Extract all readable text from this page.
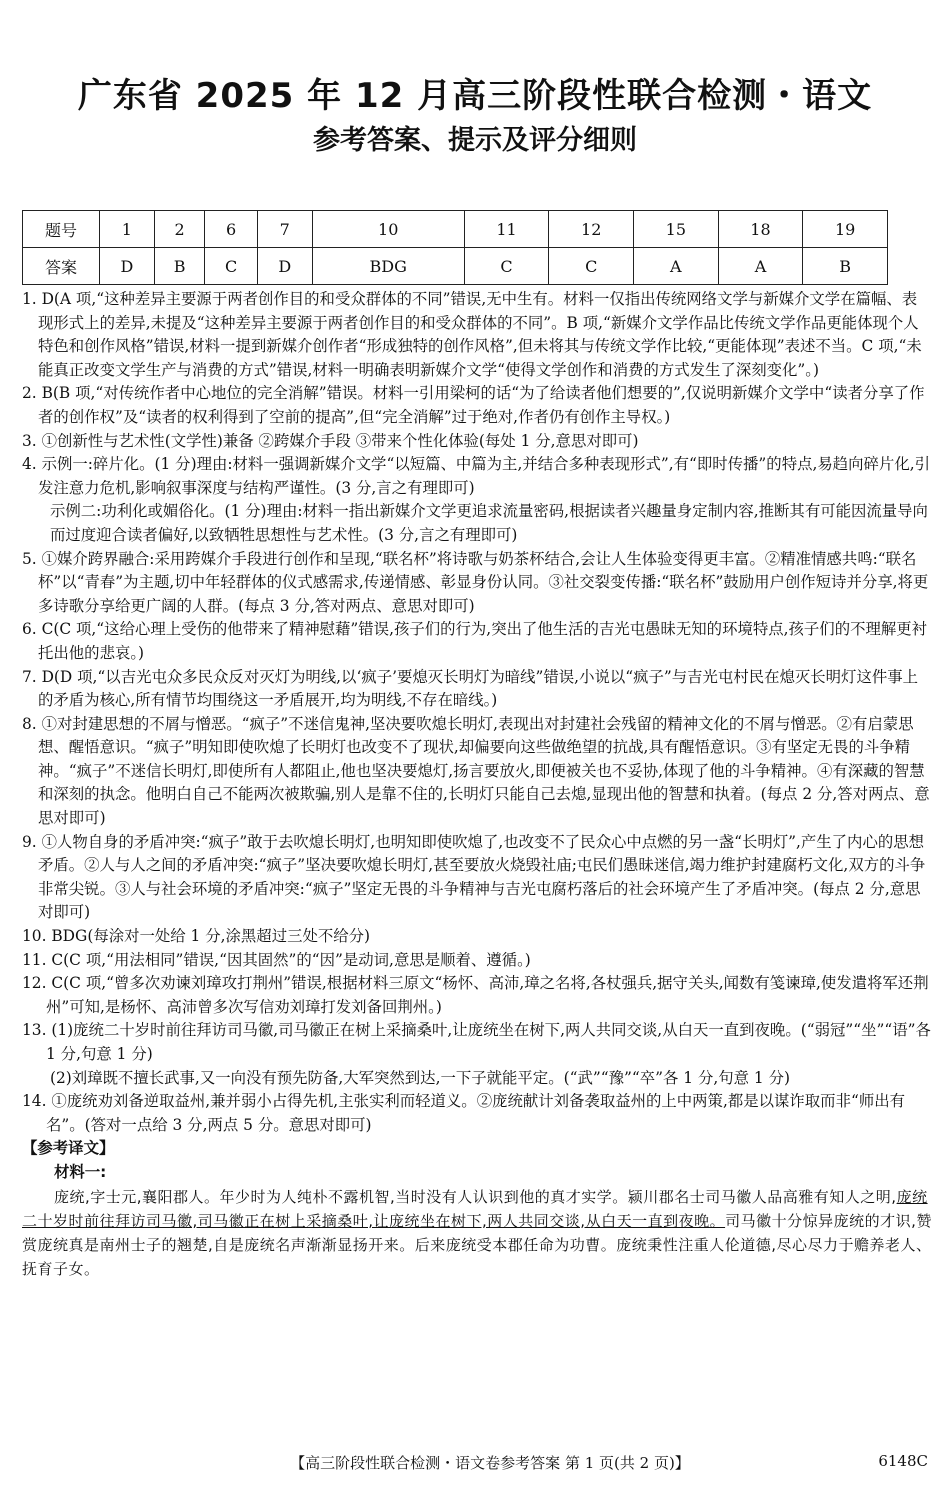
广东省 2025 年 12 月高三阶段性联合检测・语文
参考答案、提示及评分细则
题号	1	2	6	7	10	11	12	15	18	19
答案	D	B	C	D	BDG	C	C	A	A	B
1. D(A 项,“这种差异主要源于两者创作目的和受众群体的不同”错误,无中生有。材料一仅指出传统网络文学与新媒介文学在篇幅、表现形式上的差异,未提及“这种差异主要源于两者创作目的和受众群体的不同”。B 项,“新媒介文学作品比传统文学作品更能体现个人特色和创作风格”错误,材料一提到新媒介创作者“形成独特的创作风格”,但未将其与传统文学作比较,“更能体现”表述不当。C 项,“未能真正改变文学生产与消费的方式”错误,材料一明确表明新媒介文学“使得文学创作和消费的方式发生了深刻变化”。)
2. B(B 项,“对传统作者中心地位的完全消解”错误。材料一引用梁柯的话“为了给读者他们想要的”,仅说明新媒介文学中“读者分享了作者的创作权”及“读者的权利得到了空前的提高”,但“完全消解”过于绝对,作者仍有创作主导权。)
3. ①创新性与艺术性(文学性)兼备 ②跨媒介手段 ③带来个性化体验(每处 1 分,意思对即可)
4. 示例一:碎片化。(1 分)理由:材料一强调新媒介文学“以短篇、中篇为主,并结合多种表现形式”,有“即时传播”的特点,易趋向碎片化,引发注意力危机,影响叙事深度与结构严谨性。(3 分,言之有理即可)
示例二:功利化或媚俗化。(1 分)理由:材料一指出新媒介文学更追求流量密码,根据读者兴趣量身定制内容,推断其有可能因流量导向而过度迎合读者偏好,以致牺牲思想性与艺术性。(3 分,言之有理即可)
5. ①媒介跨界融合:采用跨媒介手段进行创作和呈现,“联名杯”将诗歌与奶茶杯结合,会让人生体验变得更丰富。②精准情感共鸣:“联名杯”以“青春”为主题,切中年轻群体的仪式感需求,传递情感、彰显身份认同。③社交裂变传播:“联名杯”鼓励用户创作短诗并分享,将更多诗歌分享给更广阔的人群。(每点 3 分,答对两点、意思对即可)
6. C(C 项,“这给心理上受伤的他带来了精神慰藉”错误,孩子们的行为,突出了他生活的吉光屯愚昧无知的环境特点,孩子们的不理解更衬托出他的悲哀。)
7. D(D 项,“以吉光屯众多民众反对灭灯为明线,以‘疯子’要熄灭长明灯为暗线”错误,小说以“疯子”与吉光屯村民在熄灭长明灯这件事上的矛盾为核心,所有情节均围绕这一矛盾展开,均为明线,不存在暗线。)
8. ①对封建思想的不屑与憎恶。“疯子”不迷信鬼神,坚决要吹熄长明灯,表现出对封建社会残留的精神文化的不屑与憎恶。②有启蒙思想、醒悟意识。“疯子”明知即使吹熄了长明灯也改变不了现状,却偏要向这些做绝望的抗战,具有醒悟意识。③有坚定无畏的斗争精神。“疯子”不迷信长明灯,即使所有人都阻止,他也坚决要熄灯,扬言要放火,即便被关也不妥协,体现了他的斗争精神。④有深藏的智慧和深刻的执念。他明白自己不能两次被欺骗,别人是靠不住的,长明灯只能自己去熄,显现出他的智慧和执着。(每点 2 分,答对两点、意思对即可)
9. ①人物自身的矛盾冲突:“疯子”敢于去吹熄长明灯,也明知即使吹熄了,也改变不了民众心中点燃的另一盏“长明灯”,产生了内心的思想矛盾。②人与人之间的矛盾冲突:“疯子”坚决要吹熄长明灯,甚至要放火烧毁社庙;屯民们愚昧迷信,竭力维护封建腐朽文化,双方的斗争非常尖锐。③人与社会环境的矛盾冲突:“疯子”坚定无畏的斗争精神与吉光屯腐朽落后的社会环境产生了矛盾冲突。(每点 2 分,意思对即可)
10. BDG(每涂对一处给 1 分,涂黑超过三处不给分)
11. C(C 项,“用法相同”错误,“因其固然”的“因”是动词,意思是顺着、遵循。)
12. C(C 项,“曾多次劝谏刘璋攻打荆州”错误,根据材料三原文“杨怀、高沛,璋之名将,各杖强兵,据守关头,闻数有笺谏璋,使发遣将军还荆州”可知,是杨怀、高沛曾多次写信劝刘璋打发刘备回荆州。)
13. (1)庞统二十岁时前往拜访司马徽,司马徽正在树上采摘桑叶,让庞统坐在树下,两人共同交谈,从白天一直到夜晚。(“弱冠”“坐”“语”各 1 分,句意 1 分)
(2)刘璋既不擅长武事,又一向没有预先防备,大军突然到达,一下子就能平定。(“武”“豫”“卒”各 1 分,句意 1 分)
14. ①庞统劝刘备逆取益州,兼并弱小占得先机,主张实利而轻道义。②庞统献计刘备袭取益州的上中两策,都是以谋诈取而非“师出有名”。(答对一点给 3 分,两点 5 分。意思对即可)
【参考译文】
材料一:
庞统,字士元,襄阳郡人。年少时为人纯朴不露机智,当时没有人认识到他的真才实学。颍川郡名士司马徽人品高雅有知人之明,庞统二十岁时前往拜访司马徽,司马徽正在树上采摘桑叶,让庞统坐在树下,两人共同交谈,从白天一直到夜晚。司马徽十分惊异庞统的才识,赞赏庞统真是南州士子的翘楚,自是庞统名声渐渐显扬开来。后来庞统受本郡任命为功曹。庞统秉性注重人伦道德,尽心尽力于赡养老人、抚育子女。
【高三阶段性联合检测・语文卷参考答案 第 1 页(共 2 页)】	6148C
